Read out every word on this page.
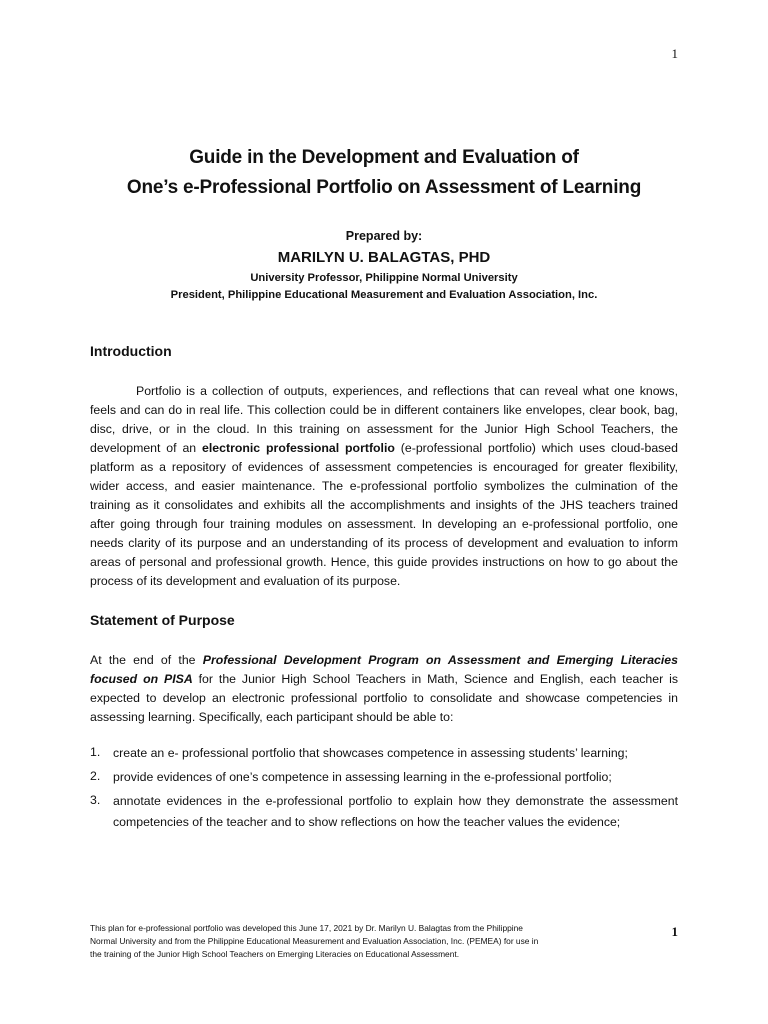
1
Guide in the Development and Evaluation of
One’s e-Professional Portfolio on Assessment of Learning
Prepared by:
MARILYN U. BALAGTAS, PHD
University Professor, Philippine Normal University
President, Philippine Educational Measurement and Evaluation Association, Inc.
Introduction

Portfolio is a collection of outputs, experiences, and reflections that can reveal what one knows, feels and can do in real life. This collection could be in different containers like envelopes, clear book, bag, disc, drive, or in the cloud. In this training on assessment for the Junior High School Teachers, the development of an electronic professional portfolio (e-professional portfolio) which uses cloud-based platform as a repository of evidences of assessment competencies is encouraged for greater flexibility, wider access, and easier maintenance. The e-professional portfolio symbolizes the culmination of the training as it consolidates and exhibits all the accomplishments and insights of the JHS teachers trained after going through four training modules on assessment. In developing an e-professional portfolio, one needs clarity of its purpose and an understanding of its process of development and evaluation to inform areas of personal and professional growth. Hence, this guide provides instructions on how to go about the process of its development and evaluation of its purpose.

Statement of Purpose

At the end of the Professional Development Program on Assessment and Emerging Literacies focused on PISA for the Junior High School Teachers in Math, Science and English, each teacher is expected to develop an electronic professional portfolio to consolidate and showcase competencies in assessing learning. Specifically, each participant should be able to:

1.	create an e- professional portfolio that showcases competence in assessing students’ learning;
2.	provide evidences of one’s competence in assessing learning in the e-professional portfolio;
3.	annotate evidences in the e-professional portfolio to explain how they demonstrate the assessment competencies of the teacher and to show reflections on how the teacher values the evidence;
This plan for e-professional portfolio was developed this June 17, 2021 by Dr. Marilyn U. Balagtas from the Philippine
Normal University and from the Philippine Educational Measurement and Evaluation Association, Inc. (PEMEA) for use in
the training of the Junior High School Teachers on Emerging Literacies on Educational Assessment.
1
